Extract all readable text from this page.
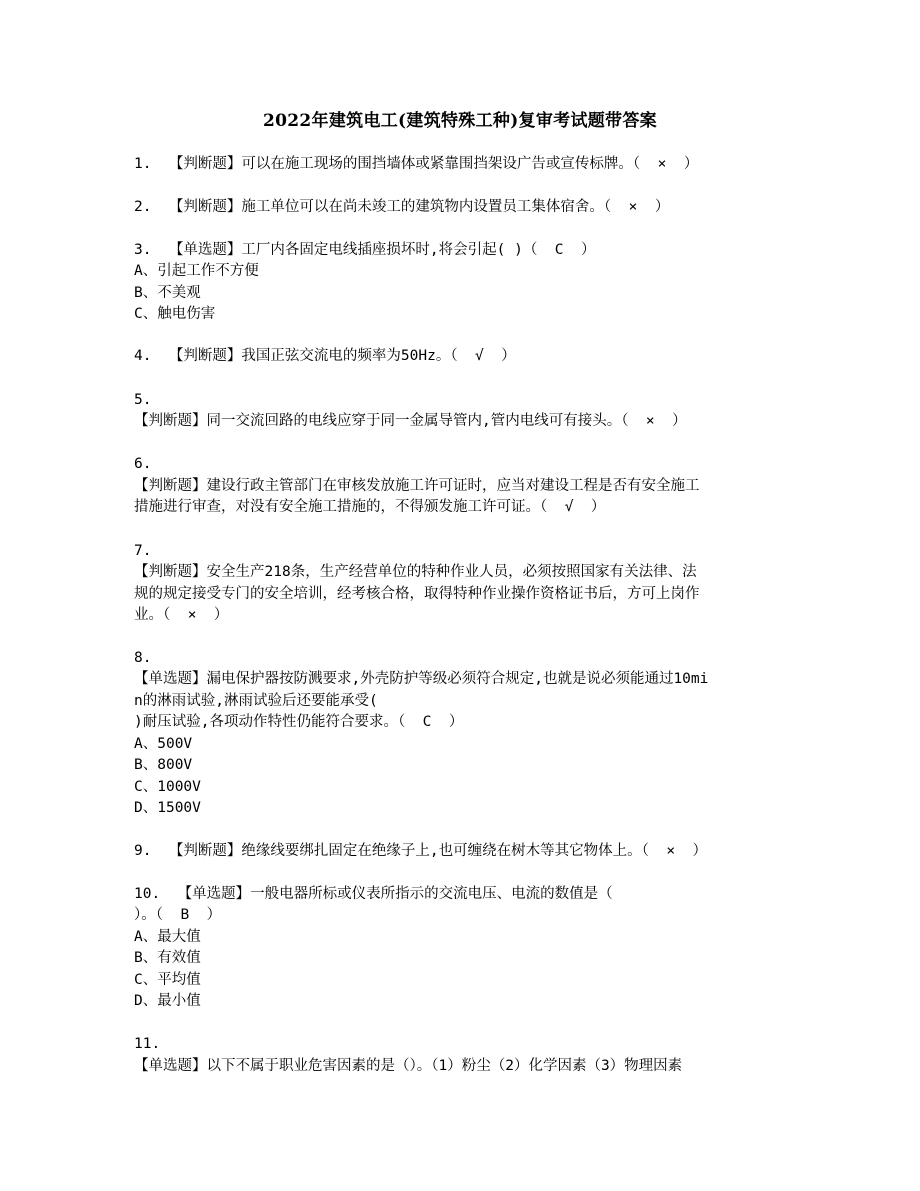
2022年建筑电工(建筑特殊工种)复审考试题带答案
1.  【判断题】可以在施工现场的围挡墙体或紧靠围挡架设广告或宣传标牌。（  ×  ）
2.  【判断题】施工单位可以在尚未竣工的建筑物内设置员工集体宿舍。（  ×  ）
3.  【单选题】工厂内各固定电线插座损坏时,将会引起( )（  C  ）
A、引起工作不方便
B、不美观
C、触电伤害
4.  【判断题】我国正弦交流电的频率为50Hz。（  √  ）
5.
【判断题】同一交流回路的电线应穿于同一金属导管内,管内电线可有接头。（  ×  ）
6.
【判断题】建设行政主管部门在审核发放施工许可证时，应当对建设工程是否有安全施工
措施进行审查，对没有安全施工措施的，不得颁发施工许可证。（  √  ）
7.
【判断题】安全生产218条，生产经营单位的特种作业人员，必须按照国家有关法律、法
规的规定接受专门的安全培训，经考核合格，取得特种作业操作资格证书后，方可上岗作
业。（  ×  ）
8.
【单选题】漏电保护器按防溅要求,外壳防护等级必须符合规定,也就是说必须能通过10mi
n的淋雨试验,淋雨试验后还要能承受(
)耐压试验,各项动作特性仍能符合要求。（  C  ）
A、500V
B、800V
C、1000V
D、1500V
9.  【判断题】绝缘线要绑扎固定在绝缘子上,也可缠绕在树木等其它物体上。（  ×  ）
10.  【单选题】一般电器所标或仪表所指示的交流电压、电流的数值是（
）。（  B  ）
A、最大值
B、有效值
C、平均值
D、最小值
11.
【单选题】以下不属于职业危害因素的是（）。（1）粉尘（2）化学因素（3）物理因素
